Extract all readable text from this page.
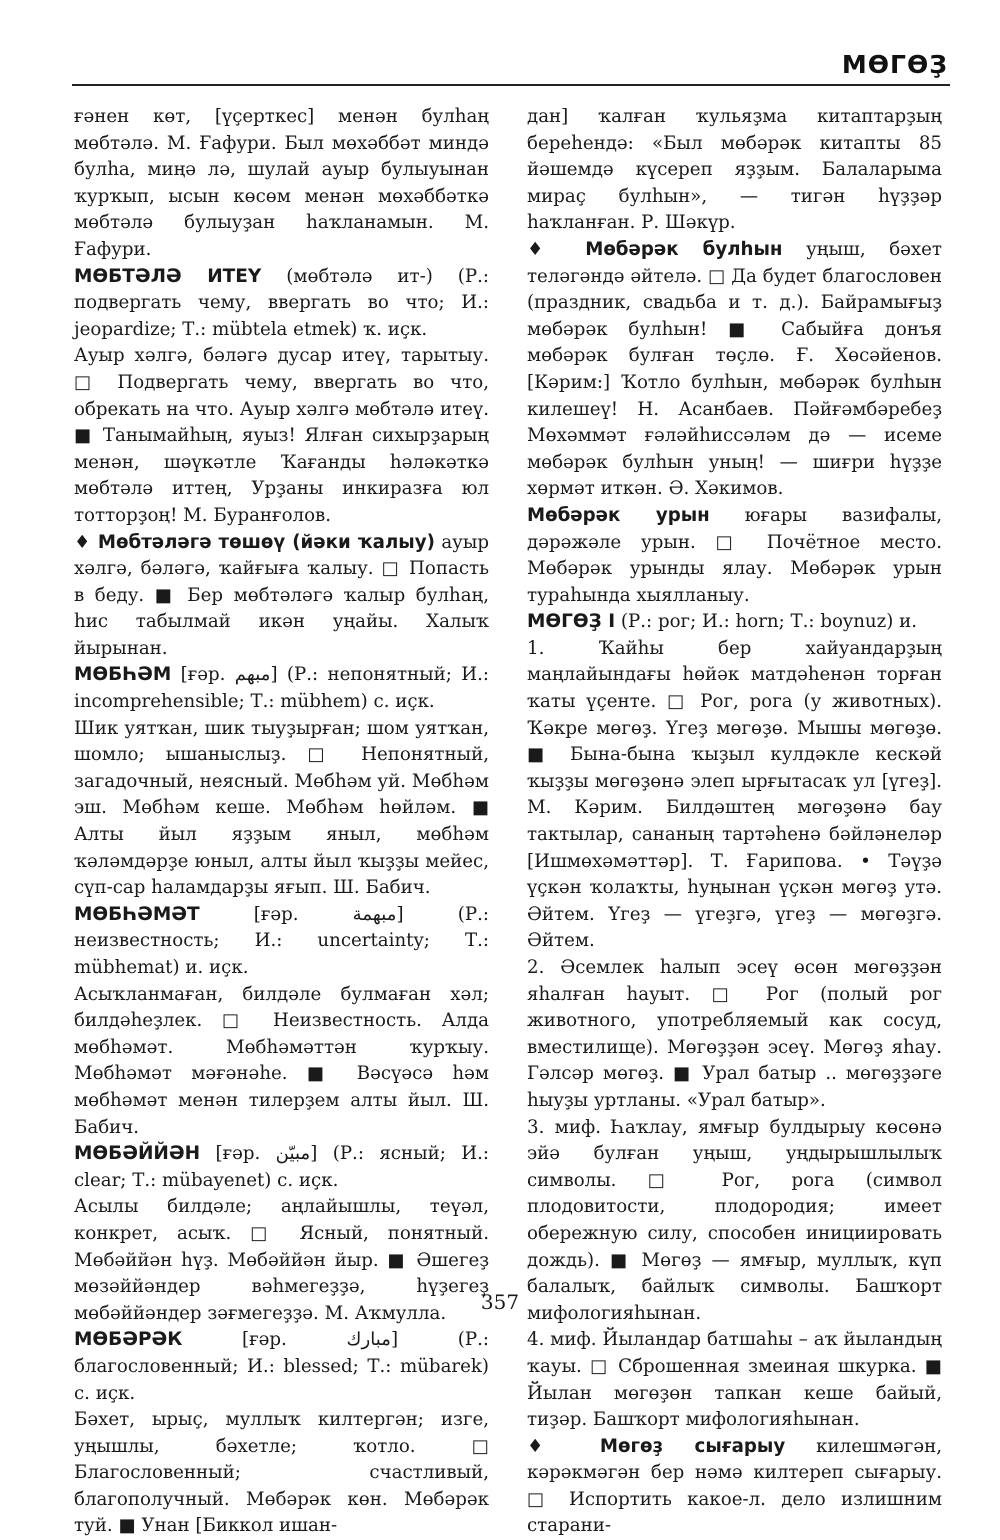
МӨГӨҘ

ғәнен көт, [үҫерткес] менән булһаң мөбтәлә. М. Ғафури. Был мөхәббәт миндә булһа, миңә лә, шулай ауыр булыуынан ҡурҡып, ысын көсөм менән мөхәббәткә мөбтәлә булыуҙан һаҡланамын. М. Ғафури.

МӨБТӘЛӘ ИТЕҮ (мөбтәлә ит-) (Р.: подвергать чему, ввергать во что; И.: jeopardize; Т.: mübtela etmek) ҡ. иҫк.

Ауыр хәлгә, бәләгә дусар итеү, тарытыу. □ Подвергать чему, ввергать во что, обрекать на что. Ауыр хәлгә мөбтәлә итеү. ■ Танымайһың, яуыз! Ялған сихырҙарың менән, шәүкәтле Ҡағанды һәләкәткә мөбтәлә иттең, Урҙаны инкиразға юл тотторҙоң! М. Буранғолов.

♦ Мөбтәләгә төшөү (йәки ҡалыу) ауыр хәлгә, бәләгә, ҡайғыға ҡалыу. □ Попасть в беду. ■ Бер мөбтәләгә ҡалыр булһаң, һис табылмай икән уңайы. Халыҡ йырынан.

МӨБҺӘМ [ғәр. مبهم] (Р.: непонятный; И.: incomprehensible; Т.: mübhem) с. иҫк.

Шик уятҡан, шик тыуҙырған; шом уятҡан, шомло; ышаныслыҙ. □ Непонятный, загадочный, неясный. Мөбһәм уй. Мөбһәм эш. Мөбһәм кеше. Мөбһәм һөйләм. ■ Алты йыл яҙҙым яныл, мөбһәм ҡәләмдәрҙе юныл, алты йыл ҡыҙҙы мейес, сүп-сар һаламдарҙы яғып. Ш. Бабич.

МӨБҺӘМӘТ	[ғәр. مبهمة] (Р.: неизвестность; И.: uncertainty; Т.: mübhemat) и. иҫк.

Асыҡланмаған, билдәле булмаған хәл; билдәһеҙлек. □ Неизвестность. Алда мөбһәмәт. Мөбһәмәттән ҡурҡыу. Мөбһәмәт мәғәнәһе. ■ Вәсүәсә һәм мөбһәмәт менән тилерҙем алты йыл. Ш. Бабич.

МӨБӘЙЙӘН [ғәр. مبيّن] (Р.: ясный; И.: clear; Т.: mübayenet) с. иҫк.

Асылы билдәле; аңлайышлы, теүәл, конкрет, асыҡ. □ Ясный, понятный. Мөбәййән һүҙ. Мөбәййән йыр. ■ Әшегеҙ мөзәййәндер вәһмегеҙҙә, һүҙегеҙ мөбәййәндер зәғмегеҙҙә. М. Аҡмулла.

МӨБӘРӘК	[ғәр. مبارك] (Р.: благословенный; И.: blessed; Т.: mübarek) с. иҫк.

Бәхет, ырыҫ, муллыҡ килтергән; изге, уңышлы, бәхетле; ҡотло. □ Благословенный; счастливый, благополучный. Мөбәрәк көн. Мөбәрәк туй. ■ Унан [Биккол ишан-

дан] ҡалған ҡульяҙма китаптарҙың береһендә: «Был мөбәрәк китапты 85 йәшемдә күсереп яҙҙым. Балаларыма мираҫ булһын», — тигән һүҙҙәр һаҡланған. Р. Шәкүр.

♦ Мөбәрәк булһын уңыш, бәхет теләгәндә әйтелә. □ Да будет благословен (праздник, свадьба и т. д.). Байрамығыҙ мөбәрәк булһын! ■ Сабыйға донъя мөбәрәк булған төҫлө. Ғ. Хөсәйенов. [Кәрим:] Ҡотло булһын, мөбәрәк булһын килешеү! Н. Асанбаев. Пәйғәмбәребеҙ Мөхәммәт ғәләйһиссәләм дә — исеме мөбәрәк булһын уның! — шиғри һүҙҙе хөрмәт иткән. Ә. Хәкимов.

Мөбәрәк урын юғары вазифалы, дәрәжәле урын. □ Почётное место. Мөбәрәк урынды ялау. Мөбәрәк урын тураһында хыялланыу.

МӨГӨҘ I (Р.: рог; И.: horn; Т.: boynuz) и.

1. Ҡайһы бер хайуандарҙың маңлайындағы һөйәк матдәһенән торған ҡаты үҫенте. □ Рог, рога (у животных). Ҡәкре мөгөҙ. Үгеҙ мөгөҙө. Мышы мөгөҙө. ■ Бына-бына ҡыҙыл кулдәкле кескәй ҡыҙҙы мөгөҙөнә элеп ырғытасаҡ ул [үгеҙ]. М. Кәрим. Билдәштең мөгөҙөнә бау тактылар, сананың тартәһенә бәйләнеләр [Ишмөхәмәттәр]. Т. Ғарипова. • Тәүҙә үҫкән ҡолаҡты, һуңынан үҫкән мөгөҙ утә. Әйтем. Үгеҙ — үгеҙгә, үгеҙ — мөгөҙгә. Әйтем.

2. Әсемлек һалып эсеү өсөн мөгөҙҙән яһалған һауыт. □ Рог (полый рог животного, употребляемый как сосуд, вместилище). Мөгөҙҙән эсеү. Мөгөҙ яһау. Гәлсәр мөгөҙ. ■ Урал батыр .. мөгөҙҙәге һыуҙы уртланы. «Урал батыр».

3. миф. Һаҡлау, ямғыр булдырыу көсөнә эйә булған уңыш, уңдырышлылыҡ символы. □ Рог, рога (символ плодовитости, плодородия; имеет обережную силу, способен инициировать дождь). ■ Мөгөҙ — ямғыр, муллыҡ, күп балалыҡ, байлыҡ символы. Башҡорт мифологияһынан.

4. миф. Йыландар батшаһы – аҡ йыландың ҡауы. □ Сброшенная змеиная шкурка. ■ Йылан мөгөҙөн тапкан кеше байый, тиҙәр. Башҡорт мифологияһынан.

♦ Мөгөҙ сығарыу килешмәгән, кәрәкмәгән бер нәмә килтереп сығарыу. □ Испортить какое-л. дело излишним старани-

357
